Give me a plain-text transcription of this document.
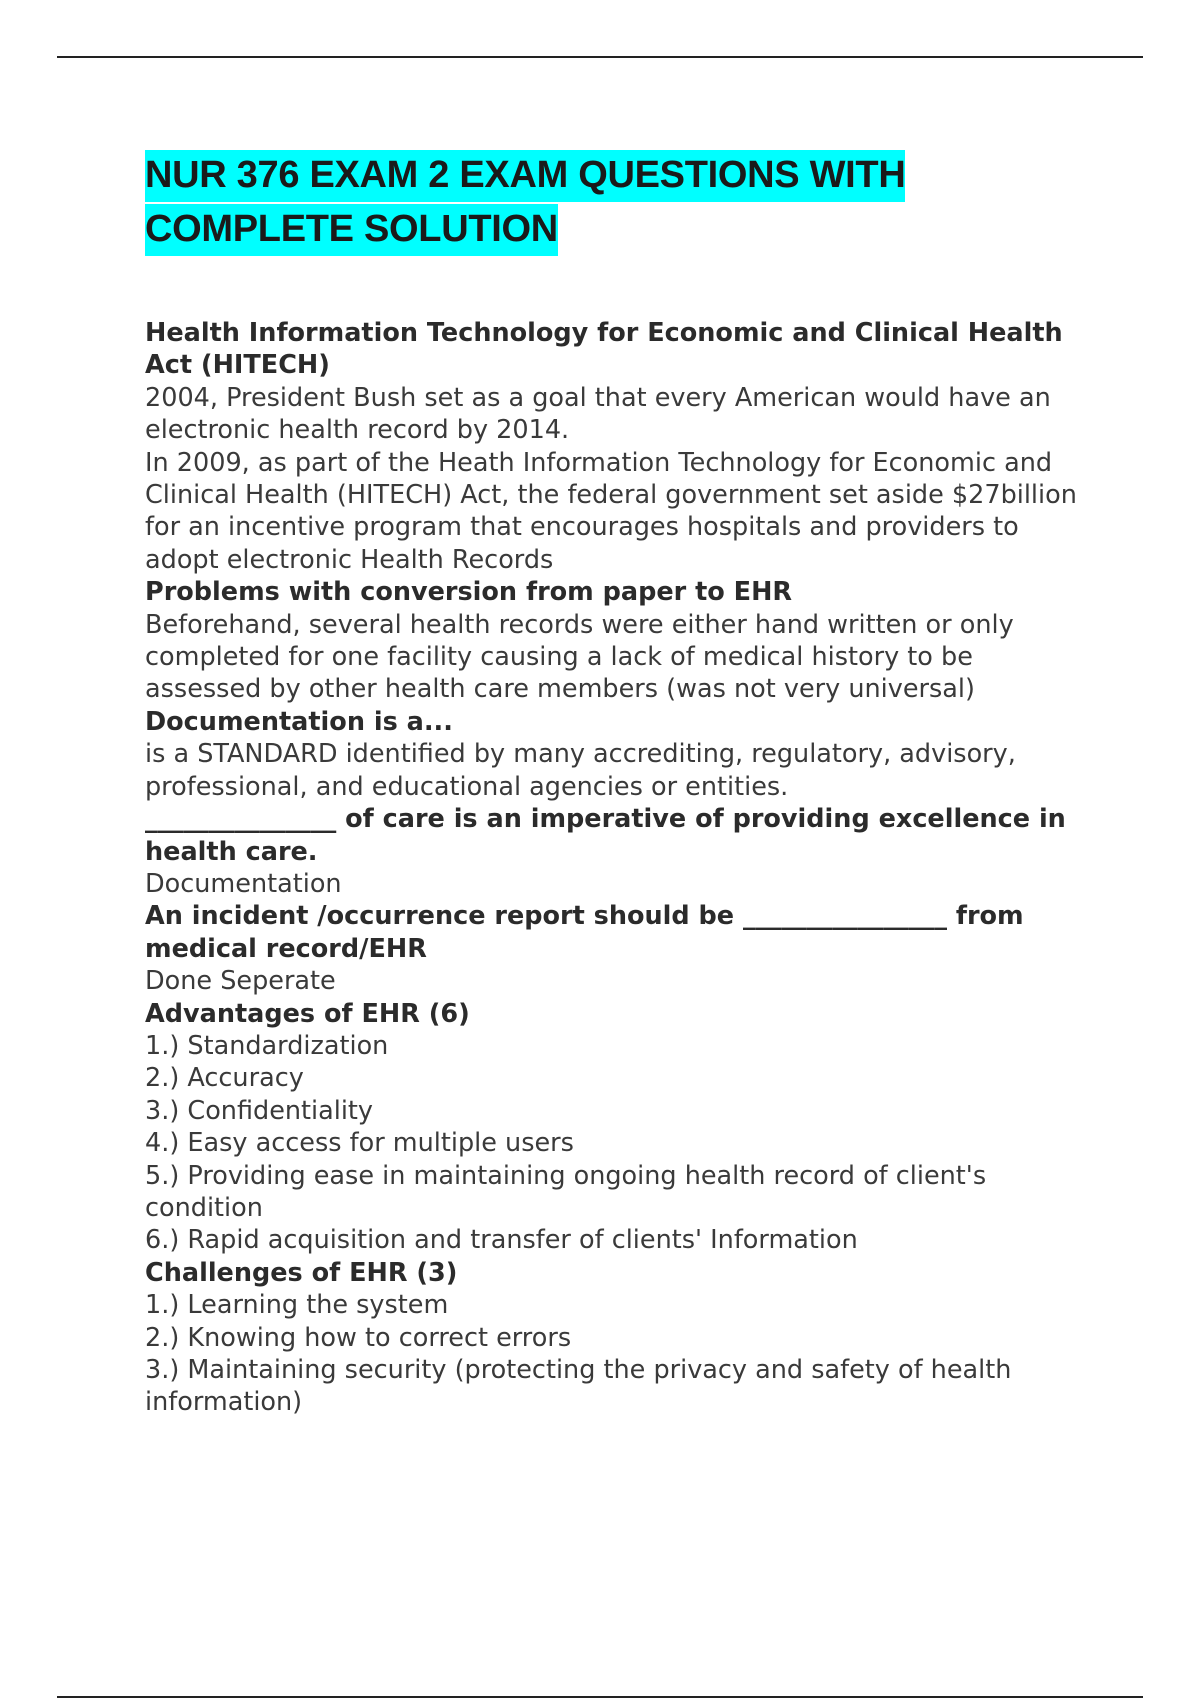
NUR 376 EXAM 2 EXAM QUESTIONS WITH
COMPLETE SOLUTION

Health Information Technology for Economic and Clinical Health Act (HITECH)

2004, President Bush set as a goal that every American would have an electronic health record by 2014.

In 2009, as part of the Heath Information Technology for Economic and Clinical Health (HITECH) Act, the federal government set aside $27billion for an incentive program that encourages hospitals and providers to adopt electronic Health Records

Problems with conversion from paper to EHR

Beforehand, several health records were either hand written or only completed for one facility causing a lack of medical history to be assessed by other health care members (was not very universal)

Documentation is a...

is a STANDARD identified by many accrediting, regulatory, advisory, professional, and educational agencies or entities.

_______________ of care is an imperative of providing excellence in health care.

Documentation

An incident /occurrence report should be ________________ from medical record/EHR

Done Seperate

Advantages of EHR (6)

1.) Standardization
2.) Accuracy
3.) Confidentiality
4.) Easy access for multiple users
5.) Providing ease in maintaining ongoing health record of client's condition
6.) Rapid acquisition and transfer of clients' Information

Challenges of EHR (3)

1.) Learning the system
2.) Knowing how to correct errors
3.) Maintaining security (protecting the privacy and safety of health information)
